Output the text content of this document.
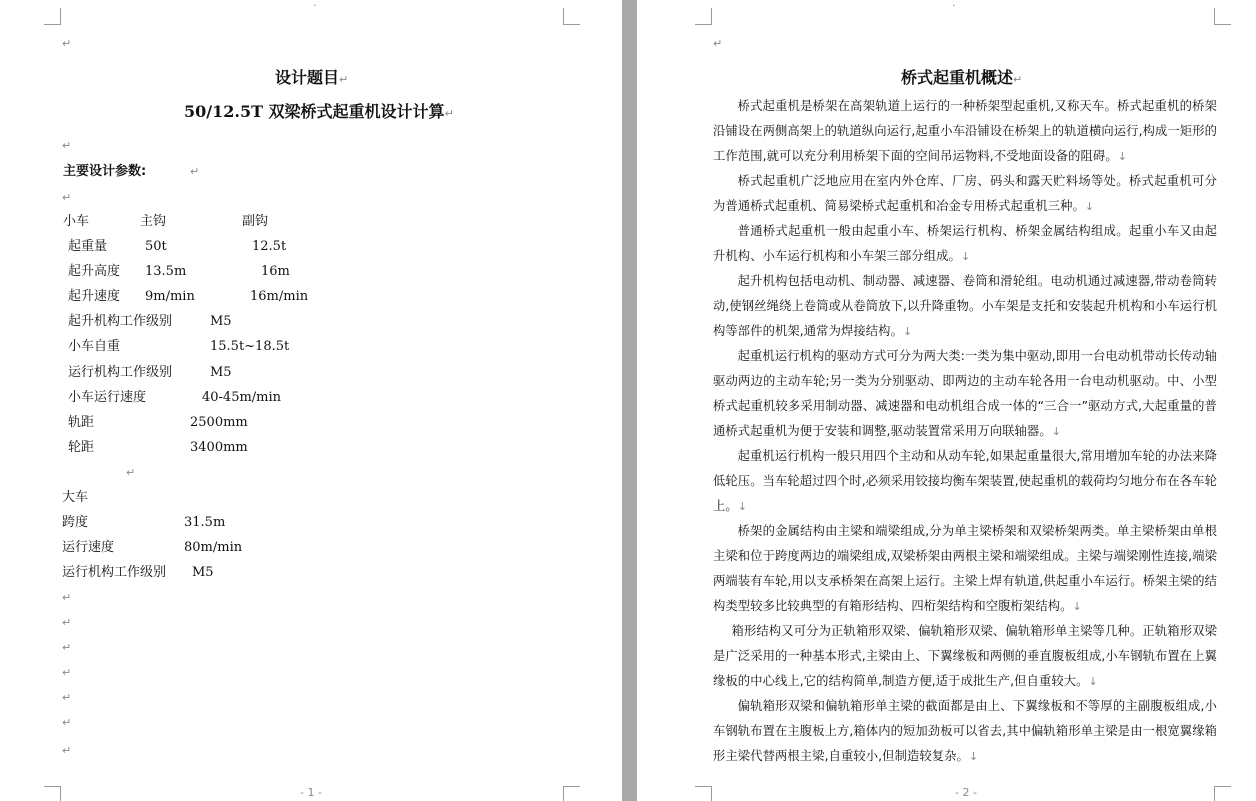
·
↵
设计题目↵
50/12.5T 双梁桥式起重机设计计算↵
↵
主要设计参数:	↵
↵
小车	主钩	副钩
起重量	50t	12.5t
起升高度 13.5m	16m
起升速度 9m/min	16m/min
起升机构工作级别	M5
小车自重	15.5t~18.5t
运行机构工作级别	M5
小车运行速度	40-45m/min
轨距	2500mm
轮距	3400mm
↵
大车
跨度	31.5m
运行速度	80m/min
运行机构工作级别 M5
↵
↵
↵
↵
↵
↵
↵
- 1 -
·
↵
桥式起重机概述↵

桥式起重机是桥架在高架轨道上运行的一种桥架型起重机,又称天车。桥式起重机的桥架沿铺设在两侧高架上的轨道纵向运行,起重小车沿铺设在桥架上的轨道横向运行,构成一矩形的工作范围,就可以充分利用桥架下面的空间吊运物料,不受地面设备的阻碍。↓

桥式起重机广泛地应用在室内外仓库、厂房、码头和露天贮料场等处。桥式起重机可分为普通桥式起重机、简易梁桥式起重机和冶金专用桥式起重机三种。↓

普通桥式起重机一般由起重小车、桥架运行机构、桥架金属结构组成。起重小车又由起升机构、小车运行机构和小车架三部分组成。↓

起升机构包括电动机、制动器、减速器、卷筒和滑轮组。电动机通过减速器,带动卷筒转动,使钢丝绳绕上卷筒或从卷筒放下,以升降重物。小车架是支托和安装起升机构和小车运行机构等部件的机架,通常为焊接结构。↓

起重机运行机构的驱动方式可分为两大类:一类为集中驱动,即用一台电动机带动长传动轴驱动两边的主动车轮;另一类为分别驱动、即两边的主动车轮各用一台电动机驱动。中、小型桥式起重机较多采用制动器、减速器和电动机组合成一体的“三合一”驱动方式,大起重量的普通桥式起重机为便于安装和调整,驱动装置常采用万向联轴器。↓

起重机运行机构一般只用四个主动和从动车轮,如果起重量很大,常用增加车轮的办法来降低轮压。当车轮超过四个时,必须采用铰接均衡车架装置,使起重机的载荷均匀地分布在各车轮上。↓

桥架的金属结构由主梁和端梁组成,分为单主梁桥架和双梁桥架两类。单主梁桥架由单根主梁和位于跨度两边的端梁组成,双梁桥架由两根主梁和端梁组成。主梁与端梁刚性连接,端梁两端装有车轮,用以支承桥架在高架上运行。主梁上焊有轨道,供起重小车运行。桥架主梁的结构类型较多比较典型的有箱形结构、四桁架结构和空腹桁架结构。↓

箱形结构又可分为正轨箱形双梁、偏轨箱形双梁、偏轨箱形单主梁等几种。正轨箱形双梁是广泛采用的一种基本形式,主梁由上、下翼缘板和两侧的垂直腹板组成,小车钢轨布置在上翼缘板的中心线上,它的结构简单,制造方便,适于成批生产,但自重较大。↓

偏轨箱形双梁和偏轨箱形单主梁的截面都是由上、下翼缘板和不等厚的主副腹板组成,小车钢轨布置在主腹板上方,箱体内的短加劲板可以省去,其中偏轨箱形单主梁是由一根宽翼缘箱形主梁代替两根主梁,自重较小,但制造较复杂。↓

- 2 -
